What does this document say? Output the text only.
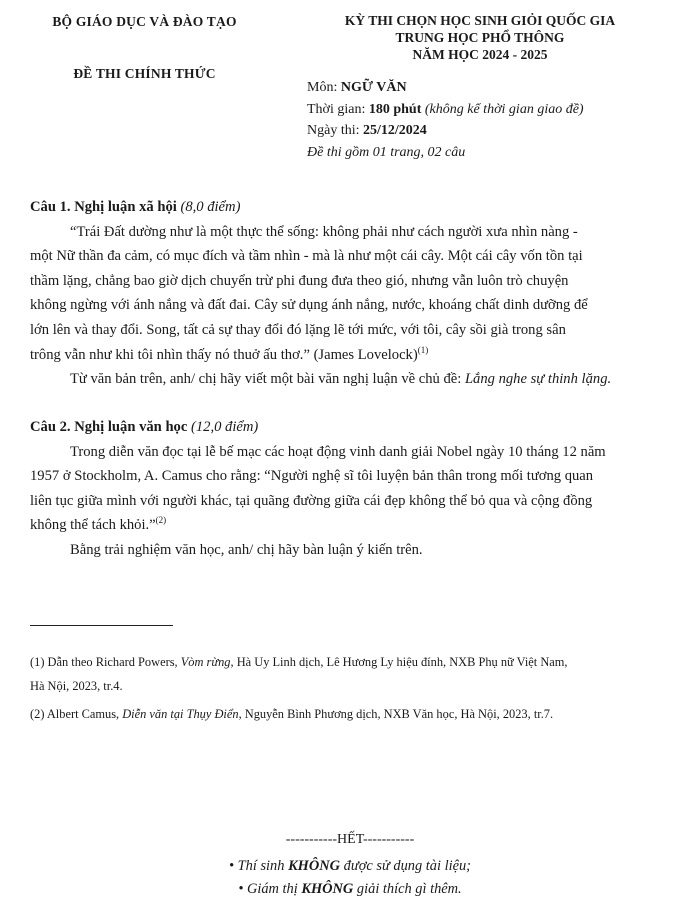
BỘ GIÁO DỤC VÀ ĐÀO TẠO
ĐỀ THI CHÍNH THỨC
KỲ THI CHỌN HỌC SINH GIỎI QUỐC GIA
TRUNG HỌC PHỔ THÔNG
NĂM HỌC 2024 - 2025
Môn: NGỮ VĂN
Thời gian: 180 phút (không kể thời gian giao đề)
Ngày thi: 25/12/2024
Đề thi gồm 01 trang, 02 câu
Câu 1. Nghị luận xã hội (8,0 điểm)
“Trái Đất dường như là một thực thể sống: không phải như cách người xưa nhìn nàng -
một Nữ thần đa cảm, có mục đích và tầm nhìn - mà là như một cái cây. Một cái cây vốn tồn tại
thầm lặng, chẳng bao giờ dịch chuyển trừ phi đung đưa theo gió, nhưng vẫn luôn trò chuyện
không ngừng với ánh nắng và đất đai. Cây sử dụng ánh nắng, nước, khoáng chất dinh dưỡng để
lớn lên và thay đổi. Song, tất cả sự thay đổi đó lặng lẽ tới mức, với tôi, cây sồi già trong sân
trông vẫn như khi tôi nhìn thấy nó thuở ấu thơ.” (James Lovelock)$^{(1)}$
Từ văn bản trên, anh/ chị hãy viết một bài văn nghị luận về chủ đề: Lắng nghe sự thinh lặng.
Câu 2. Nghị luận văn học (12,0 điểm)
Trong diễn văn đọc tại lễ bế mạc các hoạt động vinh danh giải Nobel ngày 10 tháng 12 năm
1957 ở Stockholm, A. Camus cho rằng: “Người nghệ sĩ tôi luyện bản thân trong mối tương quan
liên tục giữa mình với người khác, tại quãng đường giữa cái đẹp không thể bỏ qua và cộng đồng
không thể tách khỏi.”$^{(2)}$
Bằng trải nghiệm văn học, anh/ chị hãy bàn luận ý kiến trên.
(1) Dẫn theo Richard Powers, Vòm rừng, Hà Uy Linh dịch, Lê Hương Ly hiệu đính, NXB Phụ nữ Việt Nam,
Hà Nội, 2023, tr.4.
(2) Albert Camus, Diễn văn tại Thụy Điển, Nguyễn Bình Phương dịch, NXB Văn học, Hà Nội, 2023, tr.7.
-----------HẾT-----------
• Thí sinh KHÔNG được sử dụng tài liệu;
• Giám thị KHÔNG giải thích gì thêm.
